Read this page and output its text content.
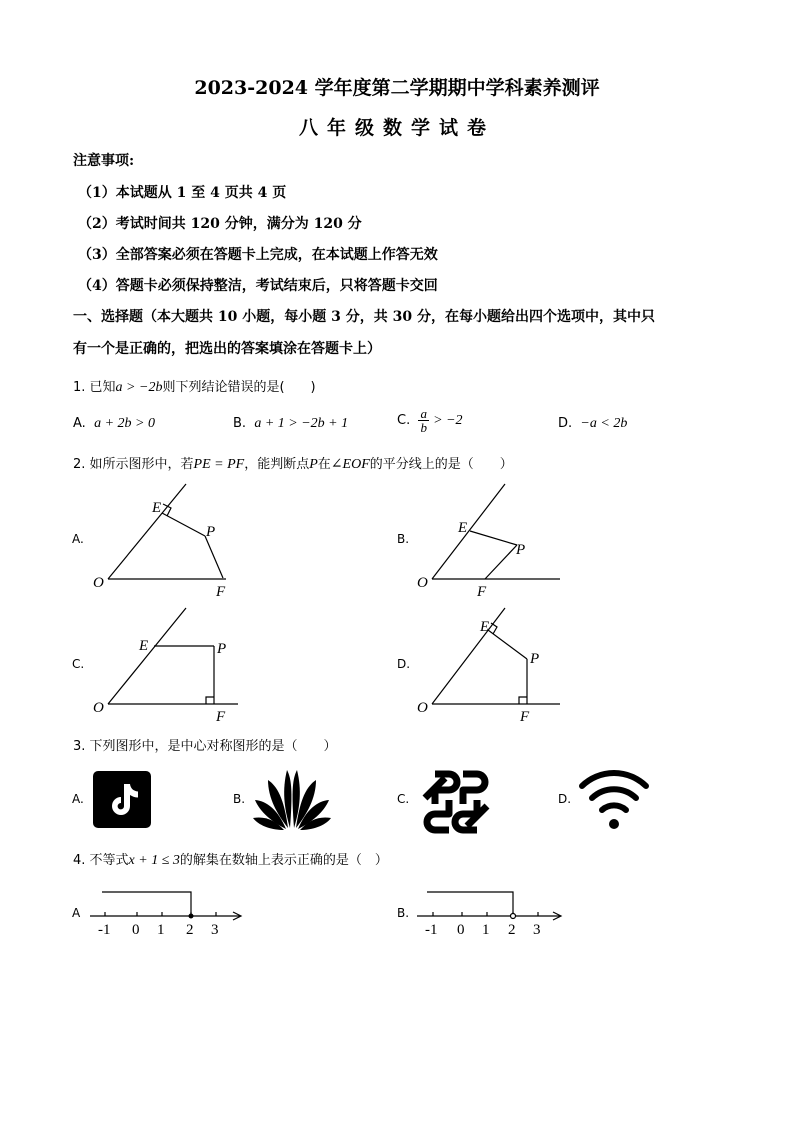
2023-2024 学年度第二学期期中学科素养测评
八年级数学试卷
注意事项:
（1）本试题从 1 至 4 页共 4 页
（2）考试时间共 120 分钟，满分为 120 分
（3）全部答案必须在答题卡上完成，在本试题上作答无效
（4）答题卡必须保持整洁，考试结束后，只将答题卡交回
一、选择题（本大题共 10 小题，每小题 3 分，共 30 分，在每小题给出四个选项中，其中只
有一个是正确的，把选出的答案填涂在答题卡上）
1. 已知a > −2b则下列结论错误的是(　　)
A. a + 2b > 0	B. a + 1 > −2b + 1	C. $\frac{a}{b} > -2$	D. −a < 2b
2. 如所示图形中，若PE = PF，能判断点P在∠EOF的平分线上的是（　　）
A.	B.
C.	D.
O
E
P
F
O
E
P
F
O
E	P
F
O
E
P
F
3. 下列图形中，是中心对称图形的是（　　）
A.	B.	C.	D.
4. 不等式x + 1 ≤ 3的解集在数轴上表示正确的是（　）
A	B.
-1 0 1 2 3	-1 0 1 2 3
